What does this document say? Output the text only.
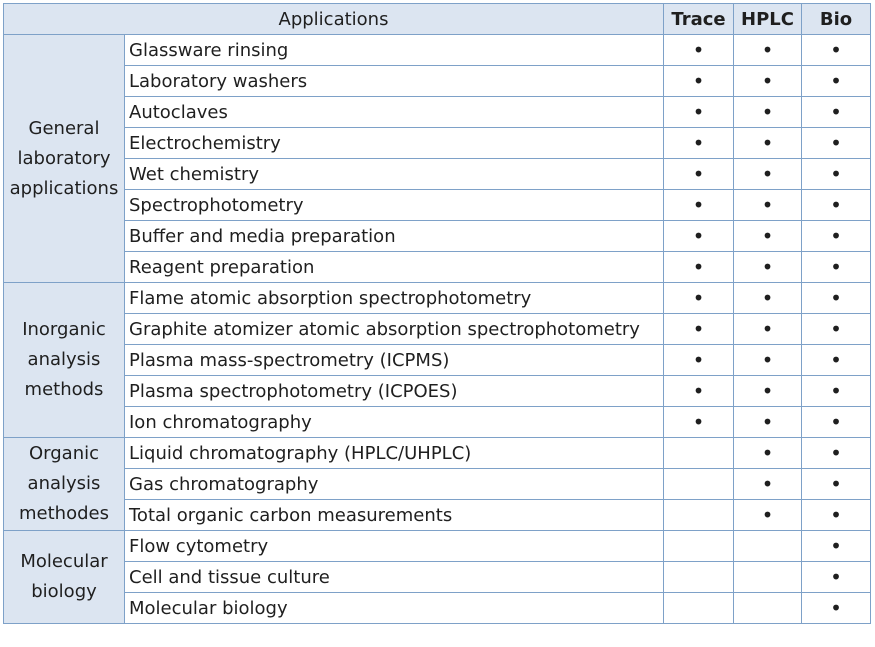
Applications		Trace	HPLC	Bio
General laboratory applications	Glassware rinsing	•	•	•
	Laboratory washers	•	•	•
	Autoclaves	•	•	•
	Electrochemistry	•	•	•
	Wet chemistry	•	•	•
	Spectrophotometry	•	•	•
	Buffer and media preparation	•	•	•
	Reagent preparation	•	•	•
Inorganic analysis methods	Flame atomic absorption spectrophotometry	•	•	•
	Graphite atomizer atomic absorption spectrophotometry	•	•	•
	Plasma mass-spectrometry (ICPMS)	•	•	•
	Plasma spectrophotometry (ICPOES)	•	•	•
	Ion chromatography	•	•	•
Organic analysis methodes	Liquid chromatography (HPLC/UHPLC)		•	•
	Gas chromatography		•	•
	Total organic carbon measurements		•	•
Molecular biology	Flow cytometry			•
	Cell and tissue culture			•
	Molecular biology			•
